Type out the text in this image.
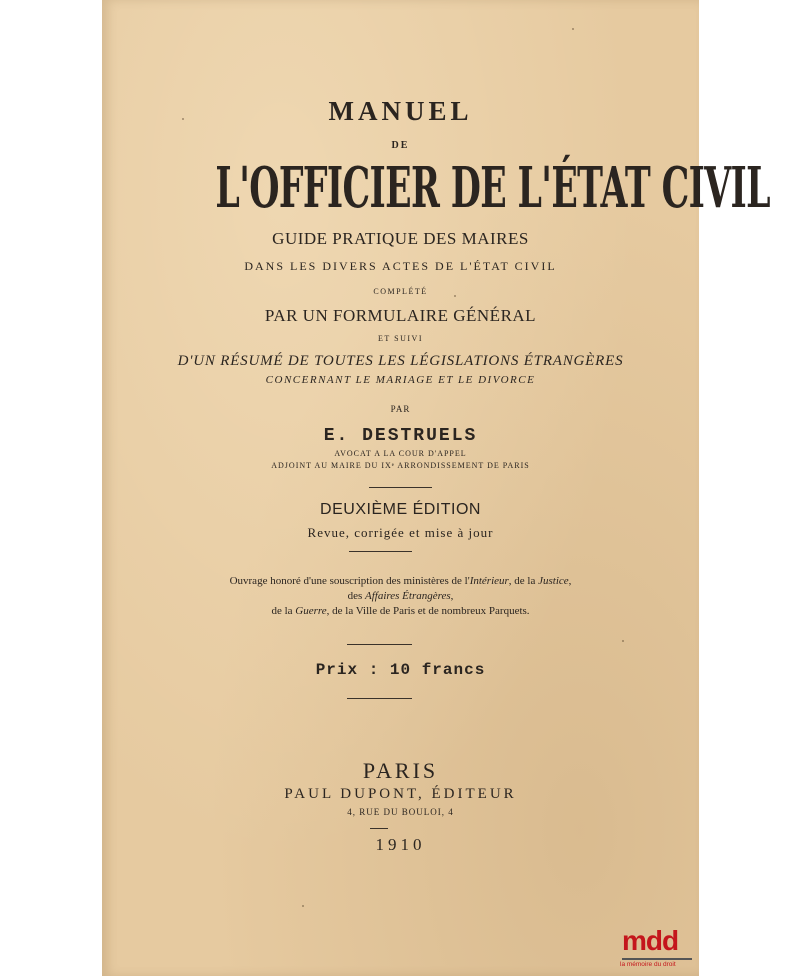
MANUEL
DE
L'OFFICIER DE L'ÉTAT CIVIL
GUIDE PRATIQUE DES MAIRES
DANS LES DIVERS ACTES DE L'ÉTAT CIVIL
COMPLÉTÉ
PAR UN FORMULAIRE GÉNÉRAL
ET SUIVI
D'UN RÉSUMÉ DE TOUTES LES LÉGISLATIONS ÉTRANGÈRES
CONCERNANT LE MARIAGE ET LE DIVORCE
PAR
E. DESTRUELS
AVOCAT A LA COUR D'APPEL
ADJOINT AU MAIRE DU IXᵉ ARRONDISSEMENT DE PARIS
DEUXIÈME ÉDITION
Revue, corrigée et mise à jour
Ouvrage honoré d'une souscription des ministères de l'Intérieur, de la Justice,
des Affaires Étrangères,
de la Guerre, de la Ville de Paris et de nombreux Parquets.
Prix : 10 francs
PARIS
PAUL DUPONT, ÉDITEUR
4, RUE DU BOULOI, 4
1910
mdd
la mémoire du droit
